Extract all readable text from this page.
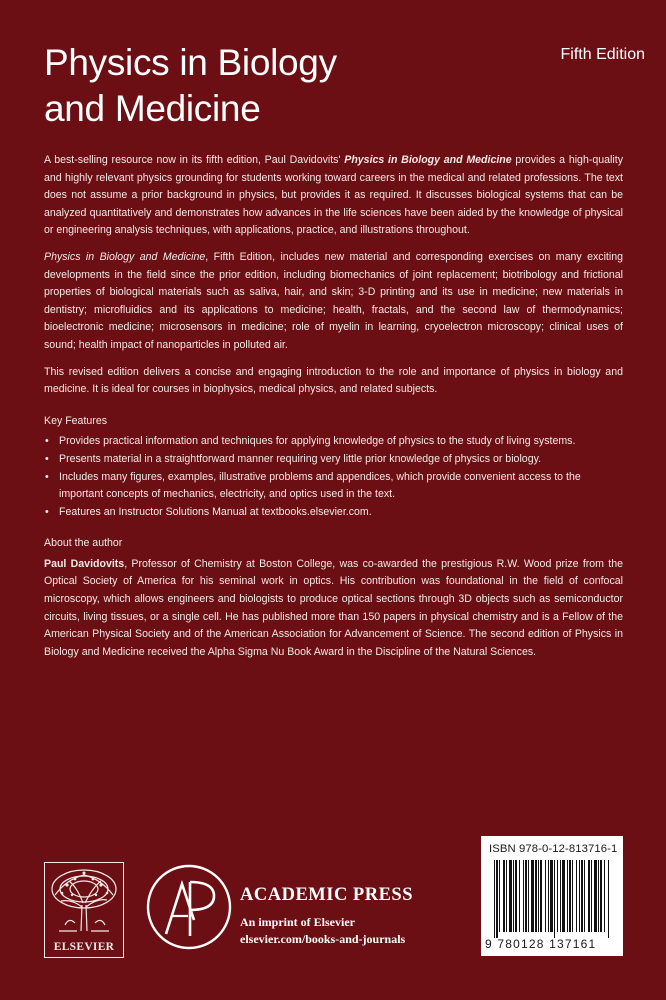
Physics in Biology and Medicine
Fifth Edition

A best-selling resource now in its fifth edition, Paul Davidovits' Physics in Biology and Medicine provides a high-quality and highly relevant physics grounding for students working toward careers in the medical and related professions. The text does not assume a prior background in physics, but provides it as required. It discusses biological systems that can be analyzed quantitatively and demonstrates how advances in the life sciences have been aided by the knowledge of physical or engineering analysis techniques, with applications, practice, and illustrations throughout.

Physics in Biology and Medicine, Fifth Edition, includes new material and corresponding exercises on many exciting developments in the field since the prior edition, including biomechanics of joint replacement; biotribology and frictional properties of biological materials such as saliva, hair, and skin; 3-D printing and its use in medicine; new materials in dentistry; microfluidics and its applications to medicine; health, fractals, and the second law of thermodynamics; bioelectronic medicine; microsensors in medicine; role of myelin in learning, cryoelectron microscopy; clinical uses of sound; health impact of nanoparticles in polluted air.

This revised edition delivers a concise and engaging introduction to the role and importance of physics in biology and medicine. It is ideal for courses in biophysics, medical physics, and related subjects.

Key Features
• Provides practical information and techniques for applying knowledge of physics to the study of living systems.
• Presents material in a straightforward manner requiring very little prior knowledge of physics or biology.
• Includes many figures, examples, illustrative problems and appendices, which provide convenient access to the important concepts of mechanics, electricity, and optics used in the text.
• Features an Instructor Solutions Manual at textbooks.elsevier.com.
About the author

Paul Davidovits, Professor of Chemistry at Boston College, was co-awarded the prestigious R.W. Wood prize from the Optical Society of America for his seminal work in optics. His contribution was foundational in the field of confocal microscopy, which allows engineers and biologists to produce optical sections through 3D objects such as semiconductor circuits, living tissues, or a single cell. He has published more than 150 papers in physical chemistry and is a Fellow of the American Physical Society and of the American Association for Advancement of Science. The second edition of Physics in Biology and Medicine received the Alpha Sigma Nu Book Award in the Discipline of the Natural Sciences.

ELSEVIER
ACADEMIC PRESS
An imprint of Elsevier
elsevier.com/books-and-journals
ISBN 978-0-12-813716-1
9 780128 137161
